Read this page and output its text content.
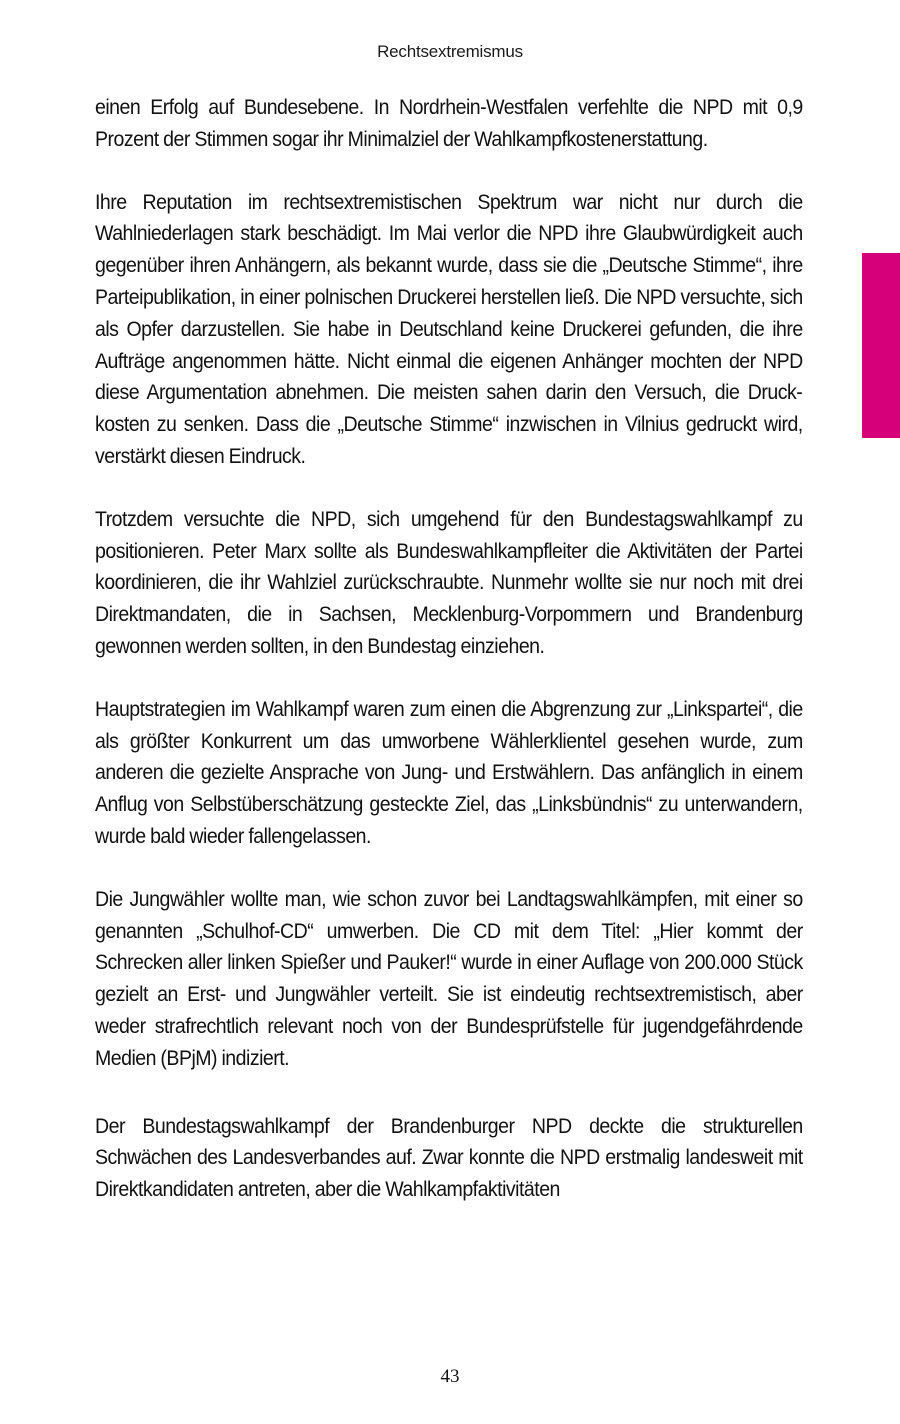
Rechtsextremismus

einen Erfolg auf Bundesebene. In Nordrhein-Westfalen verfehlte die NPD mit 0,9 Prozent der Stimmen sogar ihr Minimalziel der Wahlkampfkostenerstattung.

Ihre Reputation im rechtsextremistischen Spektrum war nicht nur durch die Wahlniederlagen stark beschädigt. Im Mai verlor die NPD ihre Glaubwürdigkeit auch gegenüber ihren Anhängern, als bekannt wurde, dass sie die „Deutsche Stimme“, ihre Parteipublikation, in einer polnischen Druckerei herstellen ließ. Die NPD versuchte, sich als Opfer darzustellen. Sie habe in Deutschland keine Druckerei gefunden, die ihre Aufträge angenommen hätte. Nicht einmal die eigenen Anhänger mochten der NPD diese Argumentation abnehmen. Die meisten sahen darin den Versuch, die Druckkosten zu senken. Dass die „Deutsche Stimme“ inzwischen in Vilnius gedruckt wird, verstärkt diesen Eindruck.

Trotzdem versuchte die NPD, sich umgehend für den Bundestagswahlkampf zu positionieren. Peter Marx sollte als Bundeswahlkampfleiter die Aktivitäten der Partei koordinieren, die ihr Wahlziel zurückschraubte. Nunmehr wollte sie nur noch mit drei Direktmandaten, die in Sachsen, Mecklenburg-Vorpommern und Brandenburg gewonnen werden sollten, in den Bundestag einziehen.

Hauptstrategien im Wahlkampf waren zum einen die Abgrenzung zur „Linkspartei“, die als größter Konkurrent um das umworbene Wählerklientel gesehen wurde, zum anderen die gezielte Ansprache von Jung- und Erstwählern. Das anfänglich in einem Anflug von Selbstüberschätzung gesteckte Ziel, das „Linksbündnis“ zu unterwandern, wurde bald wieder fallengelassen.

Die Jungwähler wollte man, wie schon zuvor bei Landtagswahlkämpfen, mit einer so genannten „Schulhof-CD“ umwerben. Die CD mit dem Titel: „Hier kommt der Schrecken aller linken Spießer und Pauker!“ wurde in einer Auflage von 200.000 Stück gezielt an Erst- und Jungwähler verteilt. Sie ist eindeutig rechtsextremistisch, aber weder strafrechtlich relevant noch von der Bundesprüfstelle für jugendgefährdende Medien (BPjM) indiziert.

Der Bundestagswahlkampf der Brandenburger NPD deckte die strukturellen Schwächen des Landesverbandes auf. Zwar konnte die NPD erstmalig landesweit mit Direktkandidaten antreten, aber die Wahlkampfaktivitäten

43
